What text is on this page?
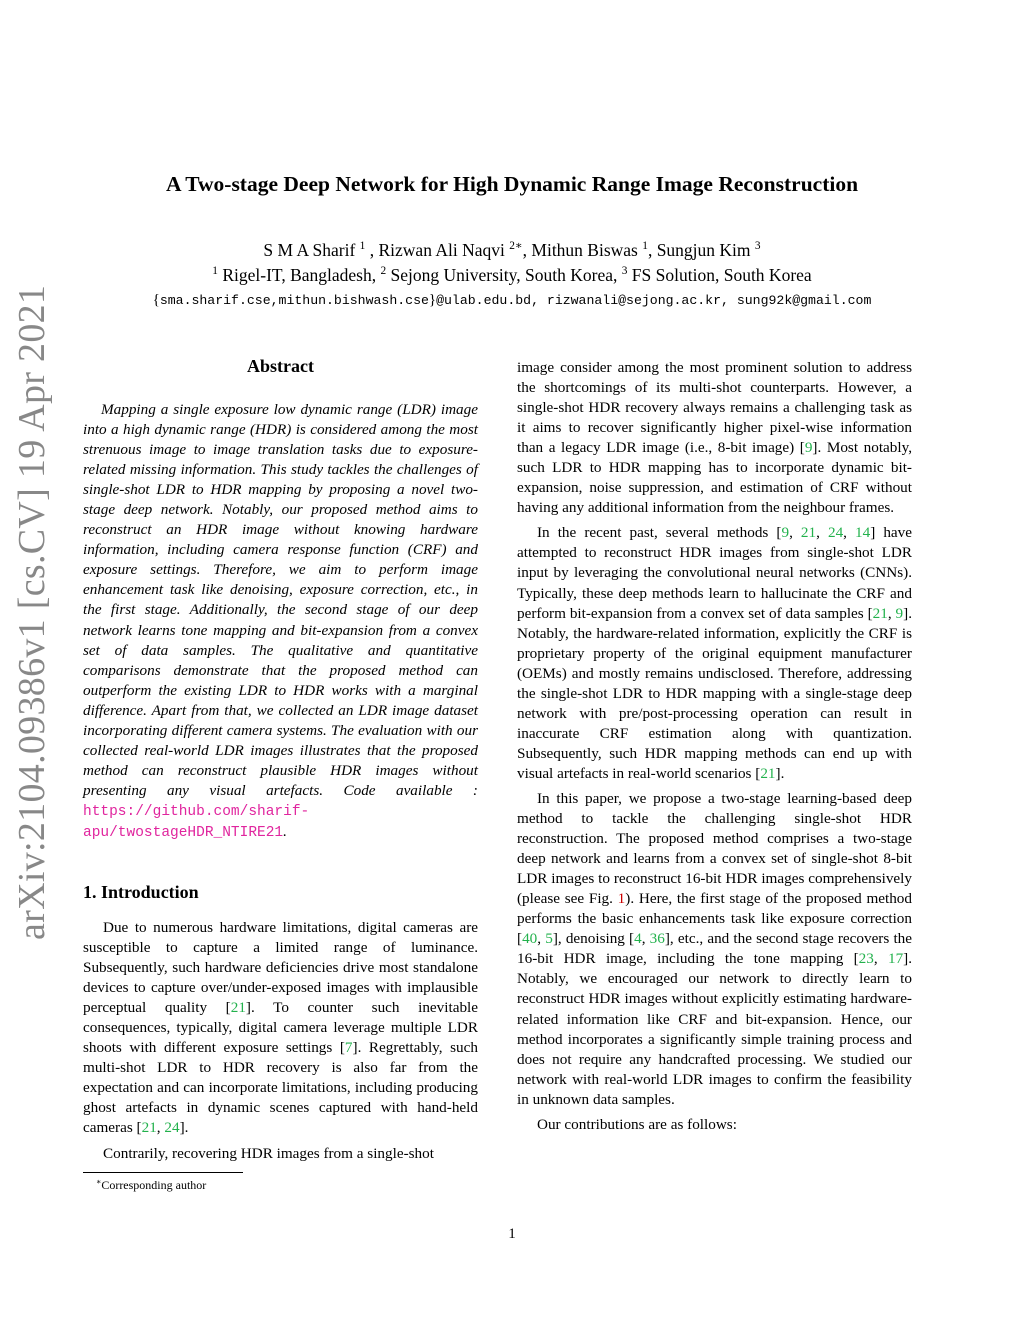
arXiv:2104.09386v1 [cs.CV] 19 Apr 2021
A Two-stage Deep Network for High Dynamic Range Image Reconstruction
S M A Sharif $^1$ , Rizwan Ali Naqvi $^{2∗}$, Mithun Biswas $^1$, Sungjun Kim $^3$
$^1$ Rigel-IT, Bangladesh, $^2$ Sejong University, South Korea, $^3$ FS Solution, South Korea
{sma.sharif.cse,mithun.bishwash.cse}@ulab.edu.bd, rizwanali@sejong.ac.kr, sung92k@gmail.com
Abstract
Mapping a single exposure low dynamic range (LDR) image into a high dynamic range (HDR) is considered among the most strenuous image to image translation tasks due to exposure-related missing information. This study tackles the challenges of single-shot LDR to HDR mapping by proposing a novel two-stage deep network. Notably, our proposed method aims to reconstruct an HDR image without knowing hardware information, including camera response function (CRF) and exposure settings. Therefore, we aim to perform image enhancement task like denoising, exposure correction, etc., in the first stage. Additionally, the second stage of our deep network learns tone mapping and bit-expansion from a convex set of data samples. The qualitative and quantitative comparisons demonstrate that the proposed method can outperform the existing LDR to HDR works with a marginal difference. Apart from that, we collected an LDR image dataset incorporating different camera systems. The evaluation with our collected real-world LDR images illustrates that the proposed method can reconstruct plausible HDR images without presenting any visual artefacts. Code available : https://github.com/sharif-apu/twostageHDR_NTIRE21.
1. Introduction

Due to numerous hardware limitations, digital cameras are susceptible to capture a limited range of luminance. Subsequently, such hardware deficiencies drive most standalone devices to capture over/under-exposed images with implausible perceptual quality [21]. To counter such inevitable consequences, typically, digital camera leverage multiple LDR shoots with different exposure settings [7]. Regrettably, such multi-shot LDR to HDR recovery is also far from the expectation and can incorporate limitations, including producing ghost artefacts in dynamic scenes captured with hand-held cameras [21, 24].

Contrarily, recovering HDR images from a single-shot

image consider among the most prominent solution to address the shortcomings of its multi-shot counterparts. However, a single-shot HDR recovery always remains a challenging task as it aims to recover significantly higher pixel-wise information than a legacy LDR image (i.e., 8-bit image) [9]. Most notably, such LDR to HDR mapping has to incorporate dynamic bit-expansion, noise suppression, and estimation of CRF without having any additional information from the neighbour frames.

In the recent past, several methods [9, 21, 24, 14] have attempted to reconstruct HDR images from single-shot LDR input by leveraging the convolutional neural networks (CNNs). Typically, these deep methods learn to hallucinate the CRF and perform bit-expansion from a convex set of data samples [21, 9]. Notably, the hardware-related information, explicitly the CRF is proprietary property of the original equipment manufacturer (OEMs) and mostly remains undisclosed. Therefore, addressing the single-shot LDR to HDR mapping with a single-stage deep network with pre/post-processing operation can result in inaccurate CRF estimation along with quantization. Subsequently, such HDR mapping methods can end up with visual artefacts in real-world scenarios [21].

In this paper, we propose a two-stage learning-based deep method to tackle the challenging single-shot HDR reconstruction. The proposed method comprises a two-stage deep network and learns from a convex set of single-shot 8-bit LDR images to reconstruct 16-bit HDR images comprehensively (please see Fig. 1). Here, the first stage of the proposed method performs the basic enhancements task like exposure correction [40, 5], denoising [4, 36], etc., and the second stage recovers the 16-bit HDR image, including the tone mapping [23, 17]. Notably, we encouraged our network to directly learn to reconstruct HDR images without explicitly estimating hardware-related information like CRF and bit-expansion. Hence, our method incorporates a significantly simple training process and does not require any handcrafted processing. We studied our network with real-world LDR images to confirm the feasibility in unknown data samples.

Our contributions are as follows:

∗Corresponding author
1
